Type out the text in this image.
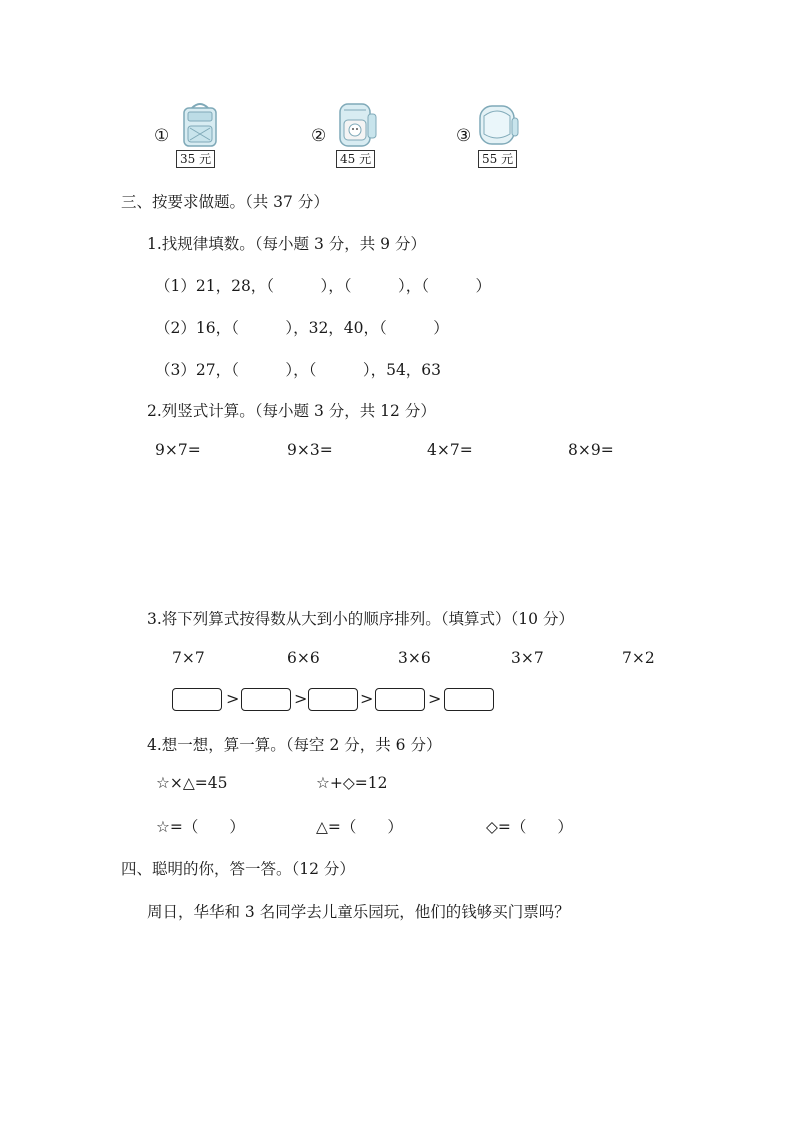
①
35 元
②
45 元
③
55 元
三、按要求做题。（共 37 分）
1.找规律填数。（每小题 3 分，共 9 分）
（1）21，28，（　　　），（　　　），（　　　）
（2）16，（　　　），32，40，（　　　）
（3）27，（　　　），（　　　），54，63
2.列竖式计算。（每小题 3 分，共 12 分）
9×7=	9×3=	4×7=	8×9=
3.将下列算式按得数从大到小的顺序排列。（填算式）（10 分）
7×7	6×6	3×6	3×7	7×2
>	>	>	>
4.想一想，算一算。（每空 2 分，共 6 分）
☆×△=45	☆+◇=12
☆=（　　）	△=（　　）	◇=（　　）
四、聪明的你，答一答。（12 分）
周日，华华和 3 名同学去儿童乐园玩，他们的钱够买门票吗？
